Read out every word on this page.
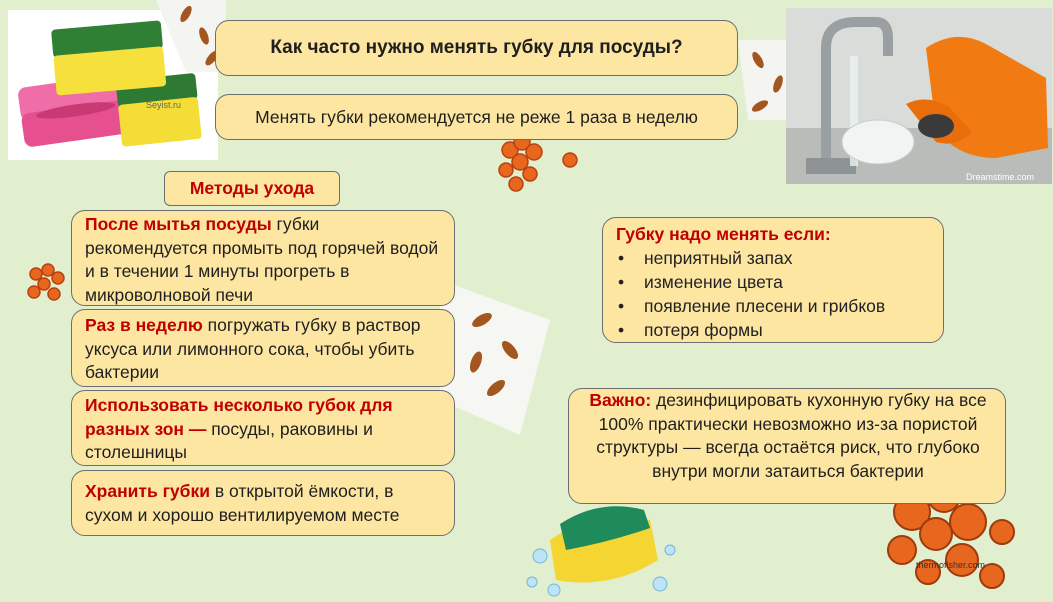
Seyist.ru
Dreamstime.com
thermofisher.com
Как часто нужно менять губку для посуды?
Менять губки рекомендуется не реже 1 раза в неделю
Методы ухода
После мытья посуды губки рекомендуется промыть под горячей водой и в течении 1 минуты прогреть в микроволновой печи
Раз в неделю погружать губку в раствор уксуса или лимонного сока, чтобы убить бактерии
Использовать несколько губок для разных зон — посуды, раковины и столешницы
Хранить губки в открытой ёмкости, в сухом и хорошо вентилируемом месте
Губку надо менять если:
• неприятный запах
• изменение цвета
• появление плесени и грибков
• потеря формы
Важно: дезинфицировать кухонную губку на все 100% практически невозможно из-за пористой структуры — всегда остаётся риск, что глубоко внутри могли затаиться бактерии
